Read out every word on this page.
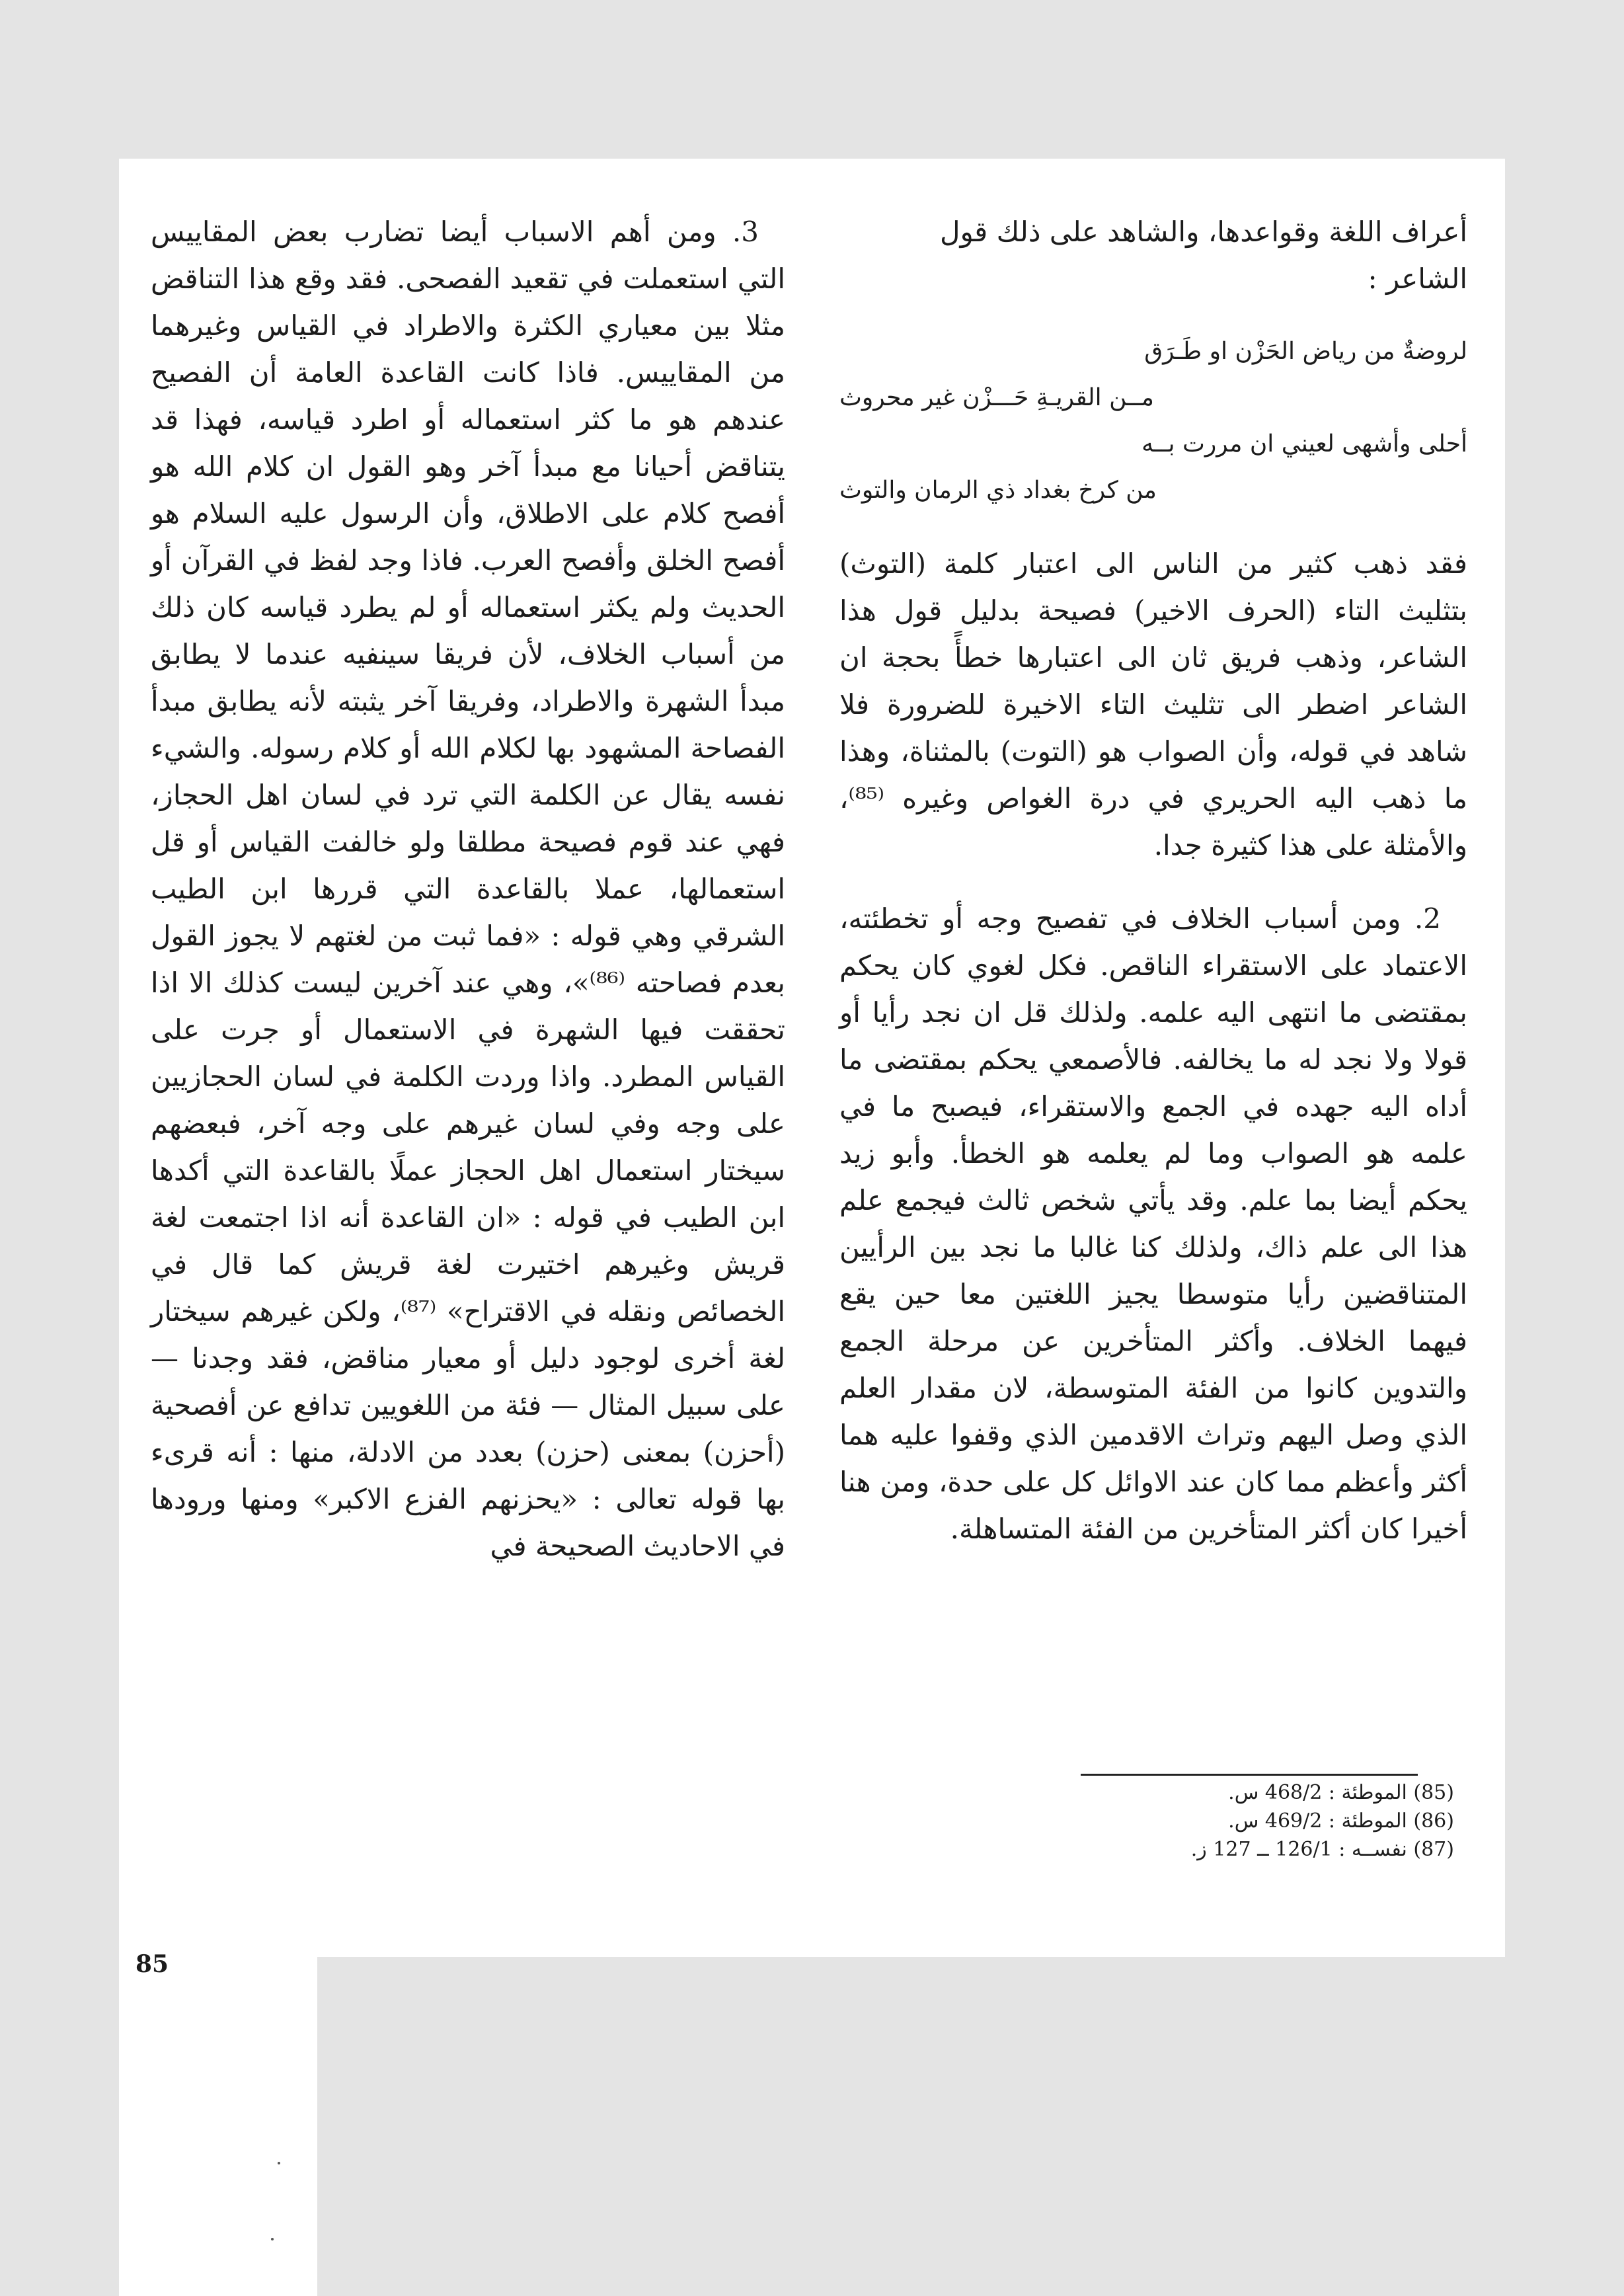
أعراف اللغة وقواعدها، والشاهد على ذلك قول

الشاعر :

لروضةٌ من رياض الحَزْن او طَـرَق
مــن القريـةِ حَـــزْن غير محروث
أحلى وأشهى لعيني ان مررت بــه
من كرخ بغداد ذي الرمان والتوث

فقد ذهب كثير من الناس الى اعتبار كلمة (التوث) بتثليث التاء (الحرف الاخير) فصيحة بدليل قول هذا الشاعر، وذهب فريق ثان الى اعتبارها خطأً بحجة ان الشاعر اضطر الى تثليث التاء الاخيرة للضرورة فلا شاهد في قوله، وأن الصواب هو (التوت) بالمثناة، وهذا ما ذهب اليه الحريري في درة الغواص وغيره ⁽⁸⁵⁾، والأمثلة على هذا كثيرة جدا.

2. ومن أسباب الخلاف في تفصيح وجه أو تخطئته، الاعتماد على الاستقراء الناقص. فكل لغوي كان يحكم بمقتضى ما انتهى اليه علمه. ولذلك قل ان نجد رأيا أو قولا ولا نجد له ما يخالفه. فالأصمعي يحكم بمقتضى ما أداه اليه جهده في الجمع والاستقراء، فيصبح ما في علمه هو الصواب وما لم يعلمه هو الخطأ. وأبو زيد يحكم أيضا بما علم. وقد يأتي شخص ثالث فيجمع علم هذا الى علم ذاك، ولذلك كنا غالبا ما نجد بين الرأيين المتناقضين رأيا متوسطا يجيز اللغتين معا حين يقع فيهما الخلاف. وأكثر المتأخرين عن مرحلة الجمع والتدوين كانوا من الفئة المتوسطة، لان مقدار العلم الذي وصل اليهم وتراث الاقدمين الذي وقفوا عليه هما أكثر وأعظم مما كان عند الاوائل كل على حدة، ومن هنا أخيرا كان أكثر المتأخرين من الفئة المتساهلة.

3. ومن أهم الاسباب أيضا تضارب بعض المقاييس التي استعملت في تقعيد الفصحى. فقد وقع هذا التناقض مثلا بين معياري الكثرة والاطراد في القياس وغيرهما من المقاييس. فاذا كانت القاعدة العامة أن الفصيح عندهم هو ما كثر استعماله أو اطرد قياسه، فهذا قد يتناقض أحيانا مع مبدأ آخر وهو القول ان كلام الله هو أفصح كلام على الاطلاق، وأن الرسول عليه السلام هو أفصح الخلق وأفصح العرب. فاذا وجد لفظ في القرآن أو الحديث ولم يكثر استعماله أو لم يطرد قياسه كان ذلك من أسباب الخلاف، لأن فريقا سينفيه عندما لا يطابق مبدأ الشهرة والاطراد، وفريقا آخر يثبته لأنه يطابق مبدأ الفصاحة المشهود بها لكلام الله أو كلام رسوله. والشيء نفسه يقال عن الكلمة التي ترد في لسان اهل الحجاز، فهي عند قوم فصيحة مطلقا ولو خالفت القياس أو قل استعمالها، عملا بالقاعدة التي قررها ابن الطيب الشرقي وهي قوله : «فما ثبت من لغتهم لا يجوز القول بعدم فصاحته ⁽⁸⁶⁾»، وهي عند آخرين ليست كذلك الا اذا تحققت فيها الشهرة في الاستعمال أو جرت على القياس المطرد. واذا وردت الكلمة في لسان الحجازيين على وجه وفي لسان غيرهم على وجه آخر، فبعضهم سيختار استعمال اهل الحجاز عملًا بالقاعدة التي أكدها ابن الطيب في قوله : «ان القاعدة أنه اذا اجتمعت لغة قريش وغيرهم اختيرت لغة قريش كما قال في الخصائص ونقله في الاقتراح» ⁽⁸⁷⁾، ولكن غيرهم سيختار لغة أخرى لوجود دليل أو معيار مناقض، فقد وجدنا — على سبيل المثال — فئة من اللغويين تدافع عن أفصحية (أحزن) بمعنى (حزن) بعدد من الادلة، منها : أنه قرىء بها قوله تعالى : «يحزنهم الفزع الاكبر» ومنها ورودها في الاحاديث الصحيحة في

(85) الموطئة : 468/2 س.
(86) الموطئة : 469/2 س.
(87) نفســه : 126/1 ــ 127 ز.
85
